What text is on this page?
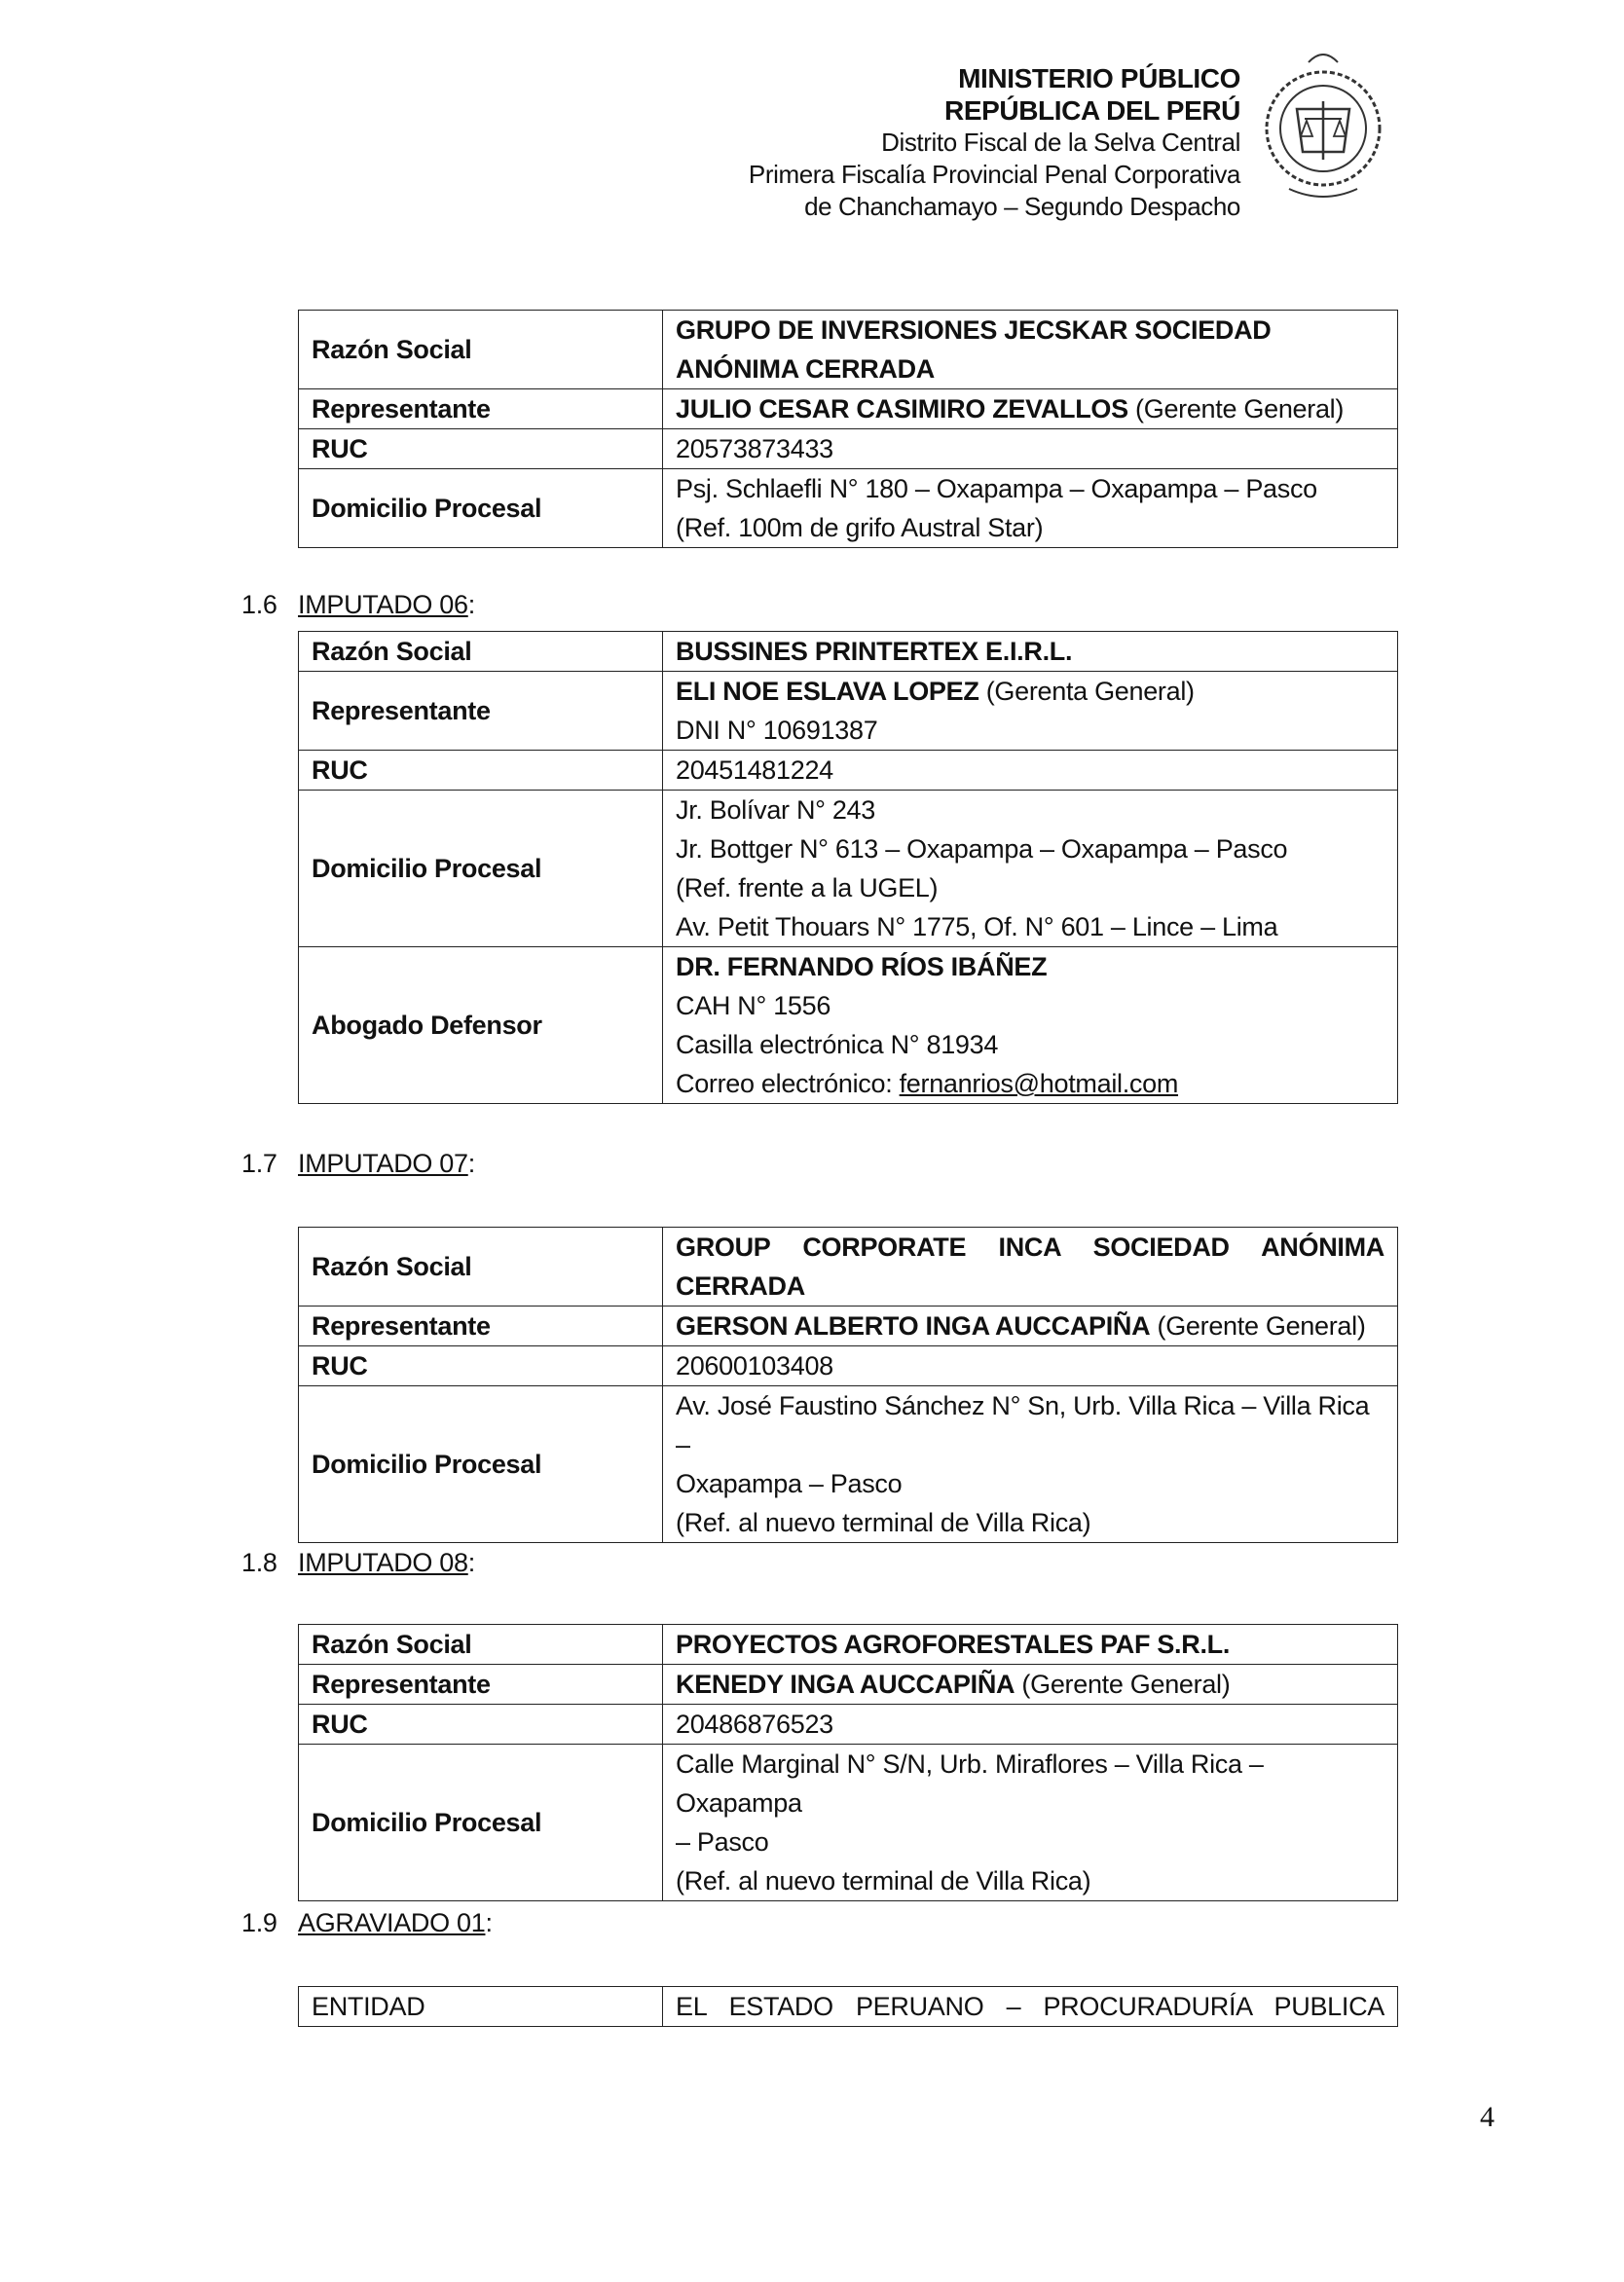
MINISTERIO PÚBLICO
REPÚBLICA DEL PERÚ
Distrito Fiscal de la Selva Central
Primera Fiscalía Provincial Penal Corporativa
de Chanchamayo – Segundo Despacho
Razón Social	GRUPO DE INVERSIONES JECSKAR SOCIEDAD ANÓNIMA CERRADA
Representante	JULIO CESAR CASIMIRO ZEVALLOS (Gerente General)
RUC	20573873433
Domicilio Procesal	Psj. Schlaefli N° 180 – Oxapampa – Oxapampa – Pasco
(Ref. 100m de grifo Austral Star)
1.6 IMPUTADO 06:
Razón Social	BUSSINES PRINTERTEX E.I.R.L.
Representante	ELI NOE ESLAVA LOPEZ (Gerenta General)
DNI N° 10691387

RUC	20451481224
Domicilio Procesal	Jr. Bolívar N° 243
Jr. Bottger N° 613 – Oxapampa – Oxapampa – Pasco
(Ref. frente a la UGEL)
Av. Petit Thouars N° 1775, Of. N° 601 – Lince – Lima

Abogado Defensor	DR. FERNANDO RÍOS IBÁÑEZ
CAH N° 1556
Casilla electrónica N° 81934
Correo electrónico: fernanrios@hotmail.com
1.7 IMPUTADO 07:
Razón Social	GROUP CORPORATE INCA SOCIEDAD ANÓNIMA
CERRADA

Representante	GERSON ALBERTO INGA AUCCAPIÑA (Gerente General)
RUC	20600103408
Domicilio Procesal	Av. José Faustino Sánchez N° Sn, Urb. Villa Rica – Villa Rica –
Oxapampa – Pasco
(Ref. al nuevo terminal de Villa Rica)
1.8 IMPUTADO 08:
Razón Social	PROYECTOS AGROFORESTALES PAF S.R.L.
Representante	KENEDY INGA AUCCAPIÑA (Gerente General)
RUC	20486876523
Domicilio Procesal	Calle Marginal N° S/N, Urb. Miraflores – Villa Rica – Oxapampa
– Pasco
(Ref. al nuevo terminal de Villa Rica)
1.9 AGRAVIADO 01:
ENTIDAD	EL ESTADO PERUANO – PROCURADURÍA PUBLICA
4
